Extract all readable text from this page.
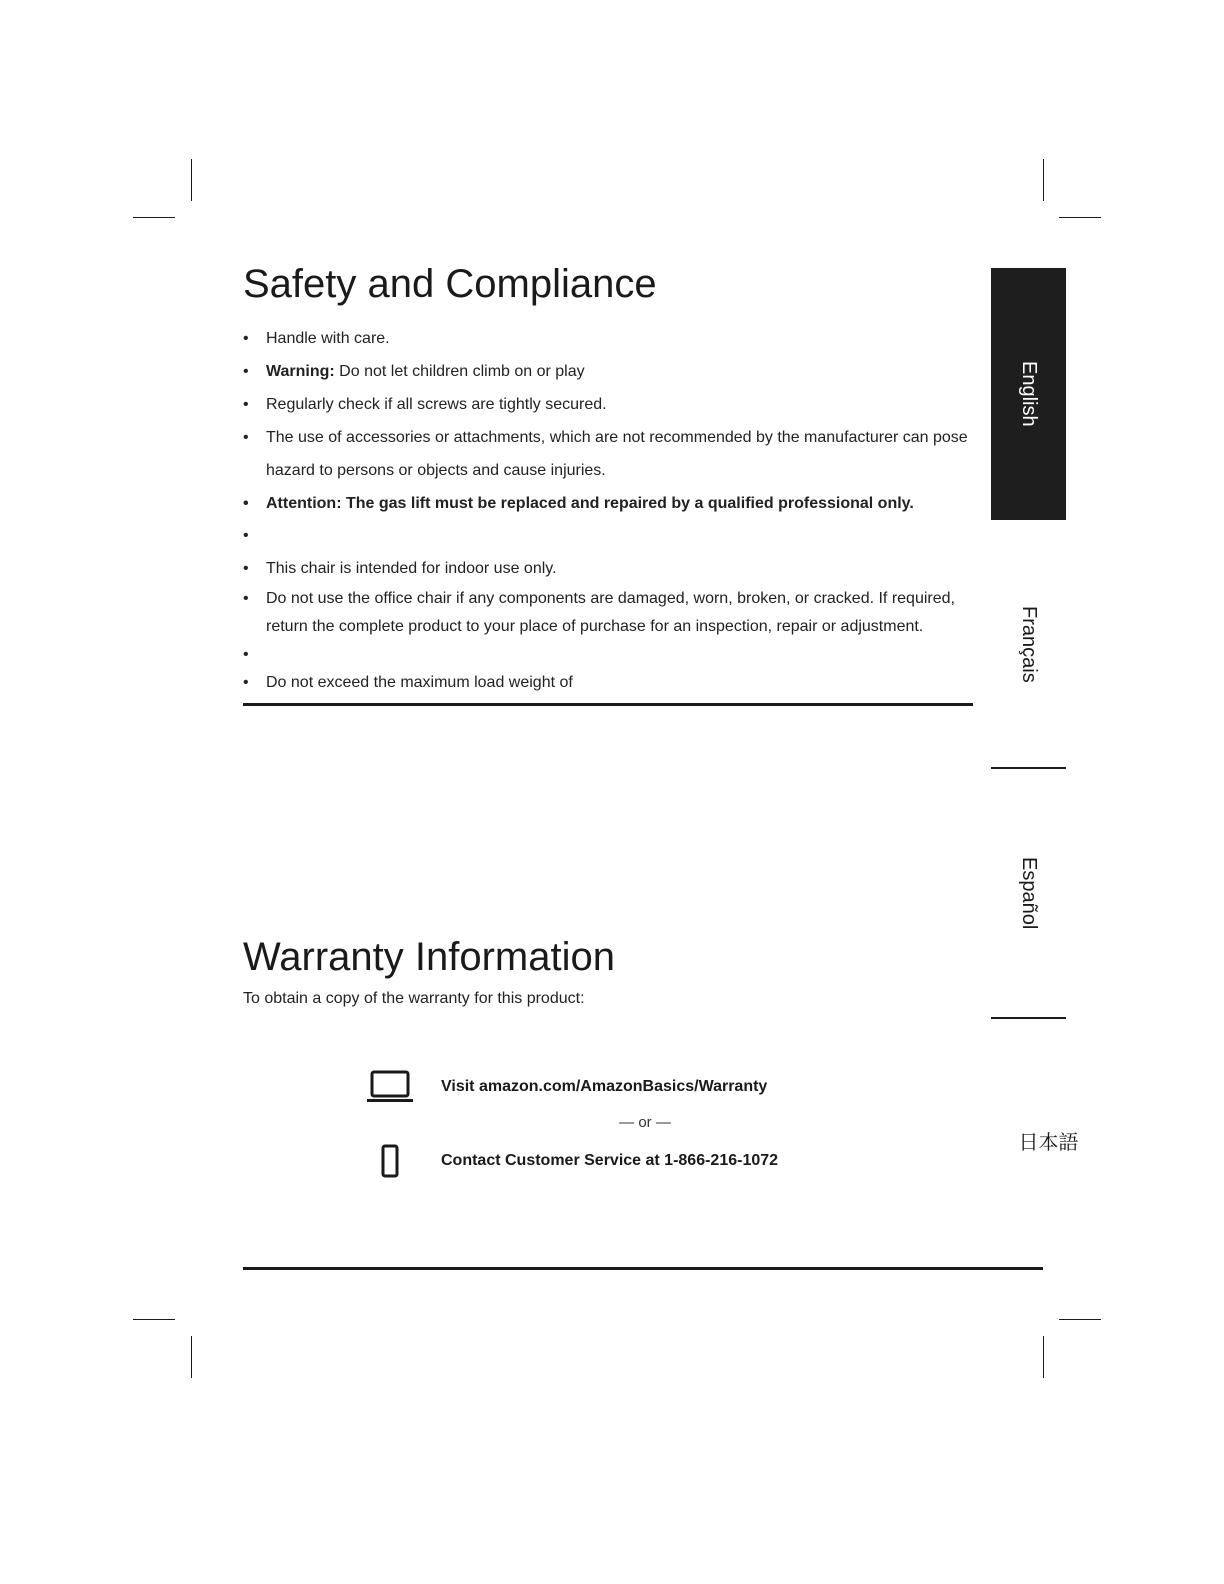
Safety and Compliance
• Handle with care.
• Warning: Do not let children climb on or play
• Regularly check if all screws are tightly secured.
• The use of accessories or attachments, which are not recommended by the manufacturer can pose hazard to persons or objects and cause injuries.
• Attention: The gas lift must be replaced and repaired by a qualified professional only.
•
• This chair is intended for indoor use only.
• Do not use the office chair if any components are damaged, worn, broken, or cracked. If required, return the complete product to your place of purchase for an inspection, repair or adjustment.
•
• Do not exceed the maximum load weight of
Warranty Information

To obtain a copy of the warranty for this product:

Visit amazon.com/AmazonBasics/Warranty
— or —
Contact Customer Service at 1-866-216-1072
English
Français
Español
日本語
